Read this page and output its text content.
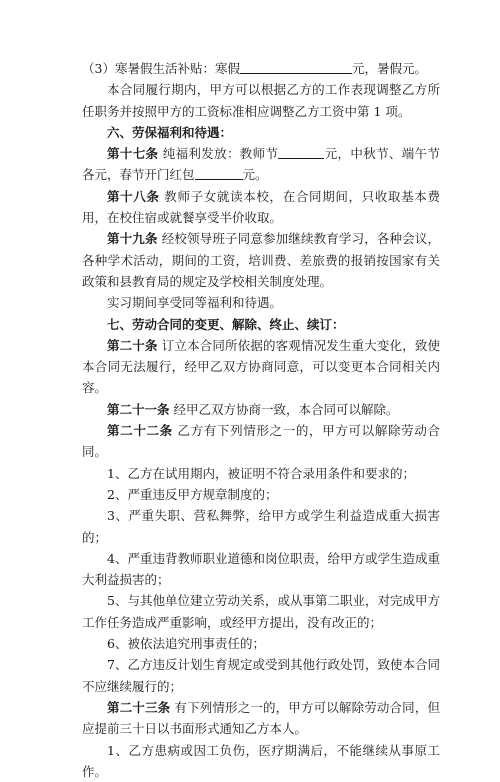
（3）寒暑假生活补贴：寒假	元，暑假元。

本合同履行期内，甲方可以根据乙方的工作表现调整乙方所任职务并按照甲方的工资标准相应调整乙方工资中第 1 项。

六、劳保福利和待遇：

第十七条 纯福利发放：教师节	元，中秋节、端午节各元，春节开门红包	元。

第十八条 教师子女就读本校，在合同期间，只收取基本费用，在校住宿或就餐享受半价收取。

第十九条 经校领导班子同意参加继续教育学习，各种会议，各种学术活动，期间的工资，培训费、差旅费的报销按国家有关政策和县教育局的规定及学校相关制度处理。

实习期间享受同等福利和待遇。

七、劳动合同的变更、解除、终止、续订：

第二十条 订立本合同所依据的客观情况发生重大变化，致使本合同无法履行，经甲乙双方协商同意，可以变更本合同相关内容。

第二十一条 经甲乙双方协商一致，本合同可以解除。

第二十二条 乙方有下列情形之一的，甲方可以解除劳动合同。

1、乙方在试用期内，被证明不符合录用条件和要求的；

2、严重违反甲方规章制度的；

3、严重失职、营私舞弊，给甲方或学生利益造成重大损害的；

4、严重违背教师职业道德和岗位职责，给甲方或学生造成重大利益损害的；

5、与其他单位建立劳动关系，或从事第二职业，对完成甲方工作任务造成严重影响，或经甲方提出，没有改正的；

6、被依法追究刑事责任的；

7、乙方违反计划生育规定或受到其他行政处罚，致使本合同不应继续履行的；

第二十三条 有下列情形之一的，甲方可以解除劳动合同，但应提前三十日以书面形式通知乙方本人。

1、乙方患病或因工负伤，医疗期满后，不能继续从事原工作。
